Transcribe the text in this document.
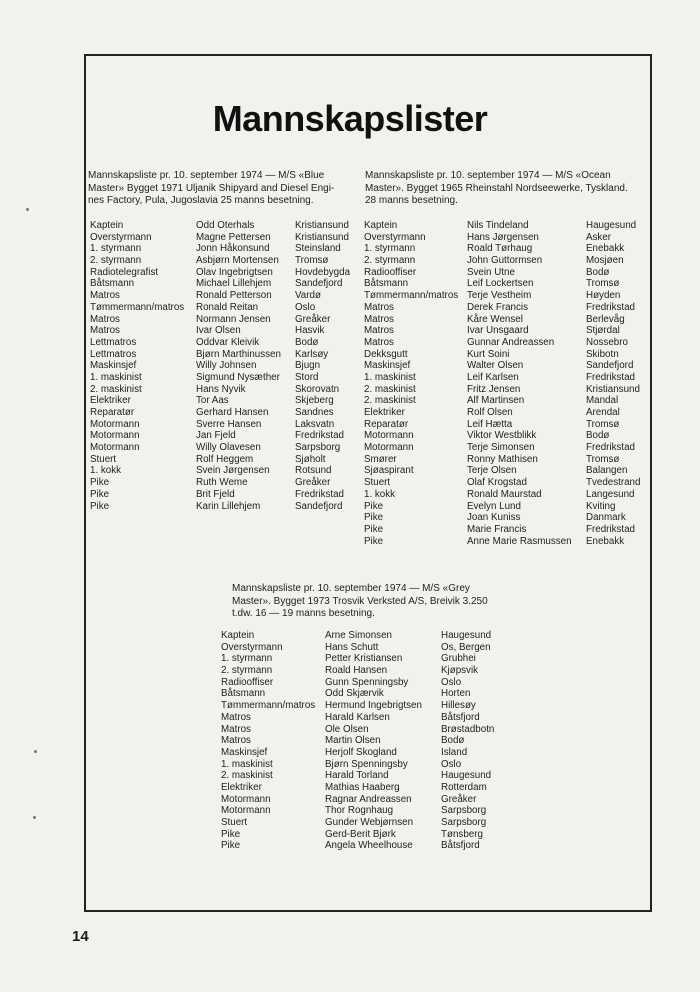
Mannskapslister
Mannskapsliste pr. 10. september 1974 — M/S «Blue
Master» Bygget 1971 Uljanik Shipyard and Diesel Engi-
nes Factory, Pula, Jugoslavia 25 manns besetning.
Kaptein
Overstyrmann
1. styrmann
2. styrmann
Radiotelegrafist
Båtsmann
Matros
Tømmermann/matros
Matros
Matros
Lettmatros
Lettmatros
Maskinsjef
1. maskinist
2. maskinist
Elektriker
Reparatør
Motormann
Motormann
Motormann
Stuert
1. kokk
Pike
Pike
Pike
Odd Oterhals
Magne Pettersen
Jonn Håkonsund
Asbjørn Mortensen
Olav Ingebrigtsen
Michael Lillehjem
Ronald Petterson
Ronald Reitan
Normann Jensen
Ivar Olsen
Oddvar Kleivik
Bjørn Marthinussen
Willy Johnsen
Sigmund Nysæther
Hans Nyvik
Tor Aas
Gerhard Hansen
Sverre Hansen
Jan Fjeld
Willy Olavesen
Rolf Heggem
Svein Jørgensen
Ruth Weme
Brit Fjeld
Karin Lillehjem
Kristiansund
Kristiansund
Steinsland
Tromsø
Hovdebygda
Sandefjord
Vardø
Oslo
Greåker
Hasvik
Bodø
Karlsøy
Bjugn
Stord
Skorovatn
Skjeberg
Sandnes
Laksvatn
Fredrikstad
Sarpsborg
Sjøholt
Rotsund
Greåker
Fredrikstad
Sandefjord
Mannskapsliste pr. 10. september 1974 — M/S «Ocean
Master». Bygget 1965 Rheinstahl Nordseewerke, Tyskland.
28 manns besetning.
Kaptein
Overstyrmann
1. styrmann
2. styrmann
Radiooffiser
Båtsmann
Tømmermann/matros
Matros
Matros
Matros
Matros
Dekksgutt
Maskinsjef
1. maskinist
2. maskinist
2. maskinist
Elektriker
Reparatør
Motormann
Motormann
Smører
Sjøaspirant
Stuert
1. kokk
Pike
Pike
Pike
Pike
Nils Tindeland
Hans Jørgensen
Roald Tørhaug
John Guttormsen
Svein Utne
Leif Lockertsen
Terje Vestheim
Derek Francis
Kåre Wensel
Ivar Unsgaard
Gunnar Andreassen
Kurt Soini
Walter Olsen
Leif Karlsen
Fritz Jensen
Alf Martinsen
Rolf Olsen
Leif Hætta
Viktor Westblikk
Terje Simonsen
Ronny Mathisen
Terje Olsen
Olaf Krogstad
Ronald Maurstad
Evelyn Lund
Joan Kuniss
Marie Francis
Anne Marie Rasmussen
Haugesund
Asker
Enebakk
Mosjøen
Bodø
Tromsø
Høyden
Fredrikstad
Berlevåg
Stjørdal
Nossebro
Skibotn
Sandefjord
Fredrikstad
Kristiansund
Mandal
Arendal
Tromsø
Bodø
Fredrikstad
Tromsø
Balangen
Tvedestrand
Langesund
Kviting
Danmark
Fredrikstad
Enebakk
Mannskapsliste pr. 10. september 1974 — M/S «Grey
Master». Bygget 1973 Trosvik Verksted A/S, Breivik 3.250
t.dw. 16 — 19 manns besetning.
Kaptein
Overstyrmann
1. styrmann
2. styrmann
Radiooffiser
Båtsmann
Tømmermann/matros
Matros
Matros
Matros
Maskinsjef
1. maskinist
2. maskinist
Elektriker
Motormann
Motormann
Stuert
Pike
Pike
Arne Simonsen
Hans Schutt
Petter Kristiansen
Roald Hansen
Gunn Spenningsby
Odd Skjærvik
Hermund Ingebrigtsen
Harald Karlsen
Ole Olsen
Martin Olsen
Herjolf Skogland
Bjørn Spenningsby
Harald Torland
Mathias Haaberg
Ragnar Andreassen
Thor Rognhaug
Gunder Webjørnsen
Gerd-Berit Bjørk
Angela Wheelhouse
Haugesund
Os, Bergen
Grubhei
Kjøpsvik
Oslo
Horten
Hillesøy
Båtsfjord
Brøstadbotn
Bodø
Island
Oslo
Haugesund
Rotterdam
Greåker
Sarpsborg
Sarpsborg
Tønsberg
Båtsfjord
14
